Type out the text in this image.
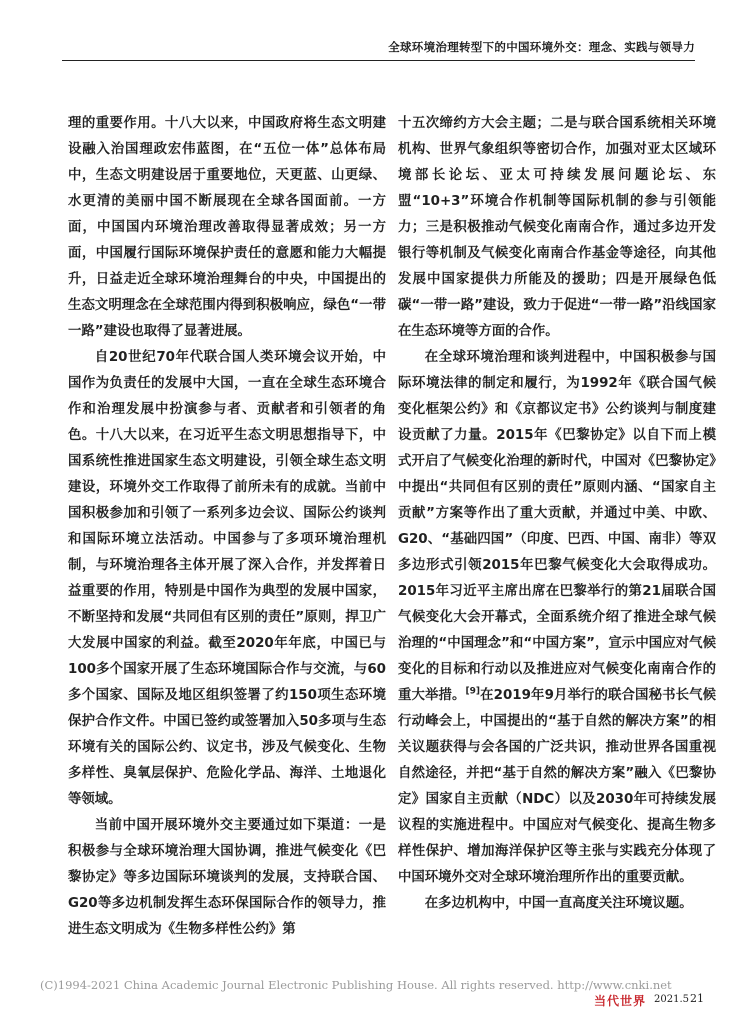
全球环境治理转型下的中国环境外交：理念、实践与领导力

理的重要作用。十八大以来，中国政府将生态文明建设融入治国理政宏伟蓝图，在“五位一体”总体布局中，生态文明建设居于重要地位，天更蓝、山更绿、水更清的美丽中国不断展现在全球各国面前。一方面，中国国内环境治理改善取得显著成效；另一方面，中国履行国际环境保护责任的意愿和能力大幅提升，日益走近全球环境治理舞台的中央，中国提出的生态文明理念在全球范围内得到积极响应，绿色“一带一路”建设也取得了显著进展。

自20世纪70年代联合国人类环境会议开始，中国作为负责任的发展中大国，一直在全球生态环境合作和治理发展中扮演参与者、贡献者和引领者的角色。十八大以来，在习近平生态文明思想指导下，中国系统性推进国家生态文明建设，引领全球生态文明建设，环境外交工作取得了前所未有的成就。当前中国积极参加和引领了一系列多边会议、国际公约谈判和国际环境立法活动。中国参与了多项环境治理机制，与环境治理各主体开展了深入合作，并发挥着日益重要的作用，特别是中国作为典型的发展中国家，不断坚持和发展“共同但有区别的责任”原则，捍卫广大发展中国家的利益。截至2020年年底，中国已与100多个国家开展了生态环境国际合作与交流，与60多个国家、国际及地区组织签署了约150项生态环境保护合作文件。中国已签约或签署加入50多项与生态环境有关的国际公约、议定书，涉及气候变化、生物多样性、臭氧层保护、危险化学品、海洋、土地退化等领域。

当前中国开展环境外交主要通过如下渠道：一是积极参与全球环境治理大国协调，推进气候变化《巴黎协定》等多边国际环境谈判的发展，支持联合国、G20等多边机制发挥生态环保国际合作的领导力，推进生态文明成为《生物多样性公约》第

十五次缔约方大会主题；二是与联合国系统相关环境机构、世界气象组织等密切合作，加强对亚太区域环境部长论坛、亚太可持续发展问题论坛、东盟“10+3”环境合作机制等国际机制的参与引领能力；三是积极推动气候变化南南合作，通过多边开发银行等机制及气候变化南南合作基金等途径，向其他发展中国家提供力所能及的援助；四是开展绿色低碳“一带一路”建设，致力于促进“一带一路”沿线国家在生态环境等方面的合作。

在全球环境治理和谈判进程中，中国积极参与国际环境法律的制定和履行，为1992年《联合国气候变化框架公约》和《京都议定书》公约谈判与制度建设贡献了力量。2015年《巴黎协定》以自下而上模式开启了气候变化治理的新时代，中国对《巴黎协定》中提出“共同但有区别的责任”原则内涵、“国家自主贡献”方案等作出了重大贡献，并通过中美、中欧、G20、“基础四国”（印度、巴西、中国、南非）等双多边形式引领2015年巴黎气候变化大会取得成功。2015年习近平主席出席在巴黎举行的第21届联合国气候变化大会开幕式，全面系统介绍了推进全球气候治理的“中国理念”和“中国方案”，宣示中国应对气候变化的目标和行动以及推进应对气候变化南南合作的重大举措。[9]在2019年9月举行的联合国秘书长气候行动峰会上，中国提出的“基于自然的解决方案”的相关议题获得与会各国的广泛共识，推动世界各国重视自然途径，并把“基于自然的解决方案”融入《巴黎协定》国家自主贡献（NDC）以及2030年可持续发展议程的实施进程中。中国应对气候变化、提高生物多样性保护、增加海洋保护区等主张与实践充分体现了中国环境外交对全球环境治理所作出的重要贡献。

在多边机构中，中国一直高度关注环境议题。

(C)1994-2021 China Academic Journal Electronic Publishing House. All rights reserved. http://www.cnki.net
当代世界 2021.5 21
